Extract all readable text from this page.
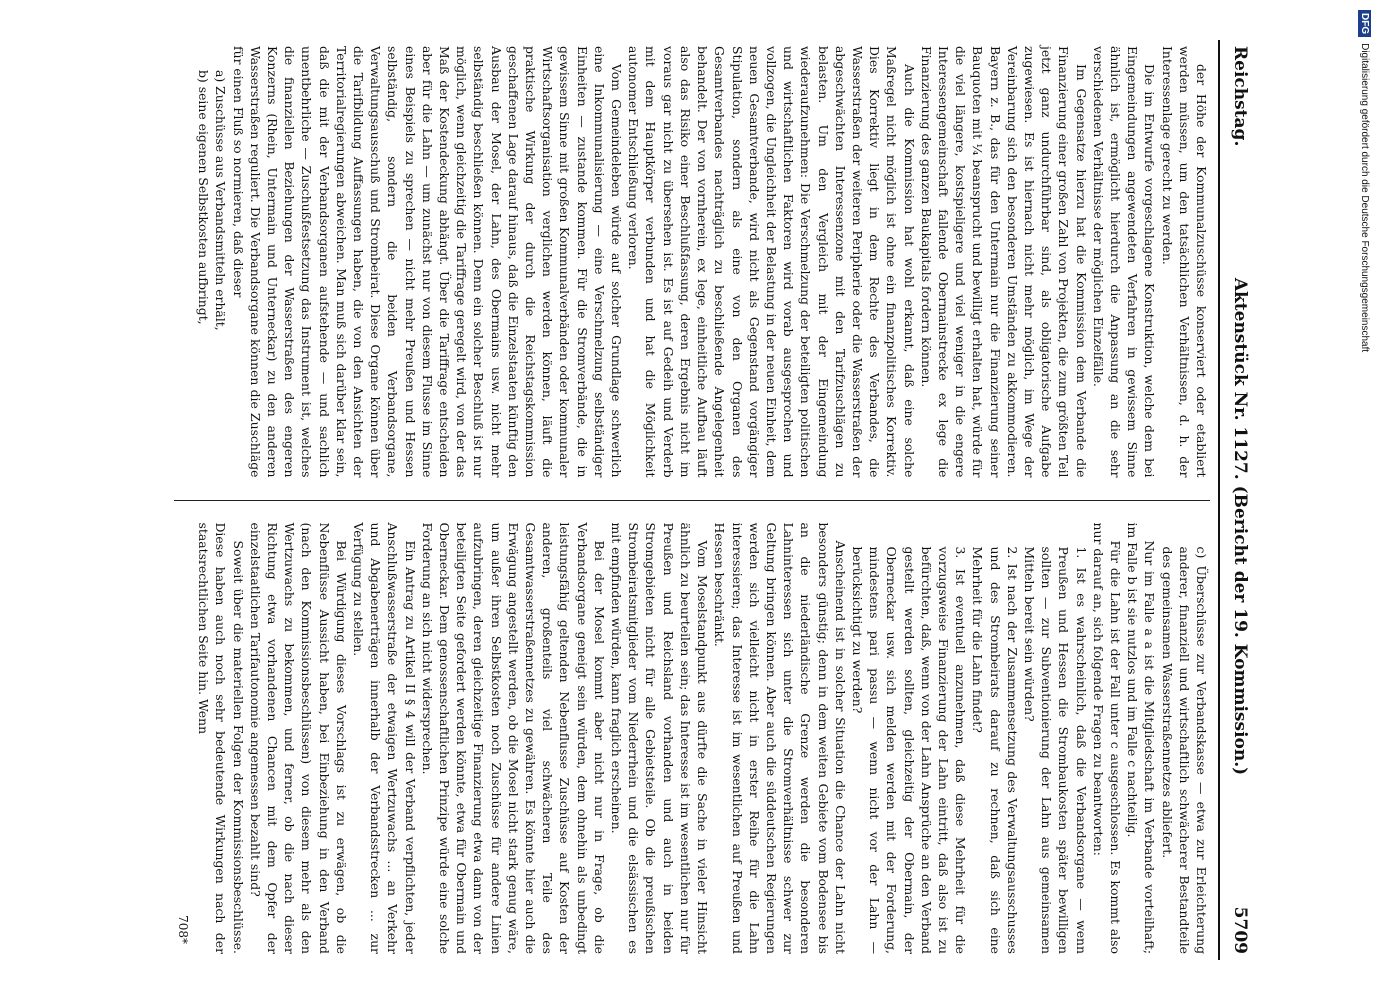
Reichstag.
Aktenstück Nr. 1127. (Bericht der 19. Kommission.)
5709

der Höhe der Kommunalzuschüsse konserviert oder etabliert werden müssen, um den tatsächlichen Verhältnissen, d. h. der Interessenlage gerecht zu werden.

Die im Entwurfe vorgeschlagene Konstruktion, welche dem bei Eingemeindungen angewendeten Verfahren in gewissem Sinne ähnlich ist, ermöglicht hierdurch die Anpassung an die sehr verschiedenen Verhältnisse der möglichen Einzelfälle.

Im Gegensatze hierzu hat die Kommission dem Verbande die Finanzierung einer großen Zahl von Projekten, die zum größten Teil jetzt ganz undurchführbar sind, als obligatorische Aufgabe zugewiesen. Es ist hiernach nicht mehr möglich, im Wege der Vereinbarung sich den besonderen Umständen zu akkommodieren. Bayern z. B., das für den Untermain nur die Finanzierung seiner Bauquoten mit ¼ beansprucht und bewilligt erhalten hat, würde für die viel längere, kostspieligere und viel weniger in die engere Interessengemeinschaft fallende Obermainstrecke ex lege die Finanzierung des ganzen Baukapitals fordern können.

Auch die Kommission hat wohl erkannt, daß eine solche Maßregel nicht möglich ist ohne ein finanzpolitisches Korrektiv. Dies Korrektiv liegt in dem Rechte des Verbandes, die Wasserstraßen der weiteren Peripherie oder die Wasserstraßen der abgeschwächten Interessenzone mit den Tarifzuschlägen zu belasten. Um den Vergleich mit der Eingemeindung wiederaufzunehmen: Die Verschmelzung der beteiligten politischen und wirtschaftlichen Faktoren wird vorab ausgesprochen und vollzogen, die Ungleichheit der Belastung in der neuen Einheit, dem neuen Gesamtverbande, wird nicht als Gegenstand vorgängiger Stipulation, sondern als eine von den Organen des Gesamtverbandes nachträglich zu beschließende Angelegenheit behandelt. Der von vornherein, ex lege, einheitliche Aufbau läuft also das Risiko einer Beschlußfassung, deren Ergebnis nicht im voraus gar nicht zu übersehen ist. Es ist auf Gedeih und Verderb mit dem Hauptkörper verbunden und hat die Möglichkeit autonomer Entschließung verloren.

Vom Gemeindeleben würde auf solcher Grundlage schwerlich eine Inkommunalisierung — eine Verschmelzung selbständiger Einheiten — zustande kommen. Für die Stromverbände, die in gewissem Sinne mit großen Kommunalverbänden oder kommunaler Wirtschaftsorganisation verglichen werden können, läuft die praktische Wirkung der durch die Reichstagskommission geschaffenen Lage darauf hinaus, daß die Einzelstaaten künftig den Ausbau der Mosel, der Lahn, des Obermains usw. nicht mehr selbständig beschließen können. Denn ein solcher Beschluß ist nur möglich, wenn gleichzeitig die Tariffrage geregelt wird, von der das Maß der Kostendeckung abhängt. Über die Tariffrage entscheiden aber für die Lahn — um zunächst nur von diesem Flusse im Sinne eines Beispiels zu sprechen — nicht mehr Preußen und Hessen selbständig, sondern die beiden Verbandsorgane, Verwaltungsausschuß und Strombeirat. Diese Organe können über die Tarifbildung Auffassungen haben, die von den Ansichten der Territorialregierungen abweichen. Man muß sich darüber klar sein, daß die mit der Verbandsorganen aufstehende — und sachlich unentbehrliche — Zuschußfestsetzung das Instrument ist, welches die finanziellen Beziehungen der Wasserstraßen des engeren Konzerns (Rhein, Untermain und Unterneckar) zu den anderen Wasserstraßen reguliert. Die Verbandsorgane können die Zuschläge für einen Fluß so normieren, daß dieser

a) Zuschüsse aus Verbandsmitteln erhält,

b) seine eigenen Selbstkosten aufbringt,

c) Überschüsse zur Verbandskasse — etwa zur Erleichterung anderer, finanziell und wirtschaftlich schwächerer Bestandteile des gemeinsamen Wasserstraßennetzes abliefert.

Nur im Falle a a ist die Mitgliedschaft im Verbande vorteilhaft; im Falle b ist sie nutzlos und im Falle c nachteilig.

Für die Lahn ist der Fall unter c ausgeschlossen. Es kommt also nur darauf an, sich folgende Fragen zu beantworten:

1. Ist es wahrscheinlich, daß die Verbandsorgane — wenn Preußen und Hessen die Strombaukosten später bewilligen sollten — zur Subventionierung der Lahn aus gemeinsamen Mitteln bereit sein würden?

2. Ist nach der Zusammensetzung des Verwaltungsausschusses und des Strombeirats darauf zu rechnen, daß sich eine Mehrheit für die Lahn findet?

3. Ist eventuell anzunehmen, daß diese Mehrheit für die vorzugsweise Finanzierung der Lahn eintritt, daß also ist zu befürchten, daß, wenn von der Lahn Ansprüche an den Verband gestellt werden sollten, gleichzeitig der Obermain, der Oberneckar usw. sich melden werden mit der Forderung, mindestens pari passu — wenn nicht vor der Lahn — berücksichtigt zu werden?

Anscheinend ist in solcher Situation die Chance der Lahn nicht besonders günstig; denn in dem weiten Gebiete vom Bodensee bis an die niederländische Grenze werden die besonderen Lahninteressen sich unter die Stromverhältnisse schwer zur Geltung bringen können. Aber auch die süddeutschen Regierungen werden sich vielleicht nicht in erster Reihe für die Lahn interessieren; das Interesse ist im wesentlichen auf Preußen und Hessen beschränkt.

Vom Moselstandpunkt aus dürfte die Sache in vieler Hinsicht ähnlich zu beurteilen sein; das Interesse ist im wesentlichen nur für Preußen und Reichsland vorhanden und auch in beiden Stromgebieten nicht für alle Gebietsteile. Ob die preußischen Strombeiratsmitglieder vom Niederrhein und die elsässischen es mit empfinden würden, kann fraglich erscheinen.

Bei der Mosel kommt aber nicht nur in Frage, ob die Verbandsorgane geneigt sein würden, dem ohnehin als unbedingt leistungsfähig geltenden Nebenflusse Zuschüsse auf Kosten der anderen, großenteils viel schwächeren Teile des Gesamtwasserstraßennetzes zu gewähren. Es könnte hier auch die Erwägung angestellt werden, ob die Mosel nicht stark genug wäre, um außer ihren Selbstkosten noch Zuschüsse für andere Linien aufzubringen, deren gleichzeitige Finanzierung etwa dann von der beteiligten Seite gefordert werden könnte, etwa für Obermain und Oberneckar. Dem genossenschaftlichen Prinzipe würde eine solche Forderung an sich nicht widersprechen.

Ein Antrag zu Artikel II § 4 will der Verband verpflichten, jeder Anschlußwasserstraße der etwaigen Wertzuwachs ... an Verkehr und Abgabenerträgen innerhalb der Verbandsstrecken ... zur Verfügung zu stellen.

Bei Würdigung dieses Vorschlags ist zu erwägen, ob die Nebenflüsse Aussicht haben, bei Einbeziehung in den Verband (nach den Kommissionsbeschlüssen) von diesem mehr als den Wertzuwachs zu bekommen, und ferner, ob die nach dieser Richtung etwa vorhandenen Chancen mit dem Opfer der einzelstaatlichen Tarifautonomie angemessen bezahlt sind?

Soweit über die materiellen Folgen der Kommissionsbeschlüsse. Diese haben auch noch sehr bedeutende Wirkungen nach der staatsrechtlichen Seite hin. Wenn

708*
DFG
Digitalisierung gefördert durch die Deutsche Forschungsgemeinschaft
